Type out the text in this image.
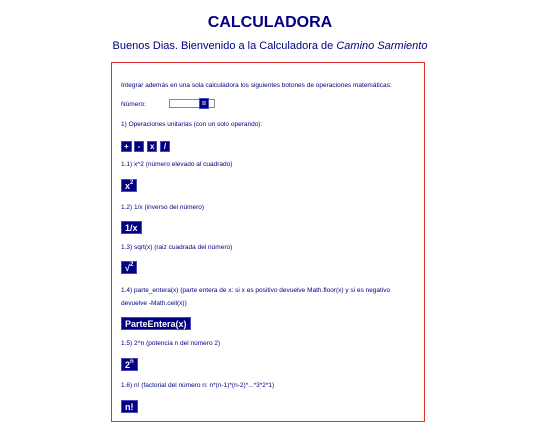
CALCULADORA
Buenos Dias. Bienvenido a la Calculadora de Camino Sarmiento
Integrar además en una sola calculadora los siguientes botones de operaciones matemáticas:
Número:	=
1) Operaciones unitarias (con un solo operando):
+	-	x	/
1.1) x^2 (número elevado al cuadrado)
$x^2$
1.2) 1/x (inverso del número)
1/x
1.3) sqrt(x) (raiz cuadrada del número)
√$^2$
1.4) parte_entera(x) (parte entera de x: si x es positivo devuelve Math.floor(x) y si es negativo
devuelve -Math.ceil(x))
ParteEntera(x)
1.5) 2^n (potencia n del número 2)
2$^n$
1.6) n! (factorial del número n: n*(n-1)*(n-2)*...*3*2*1)
n!
